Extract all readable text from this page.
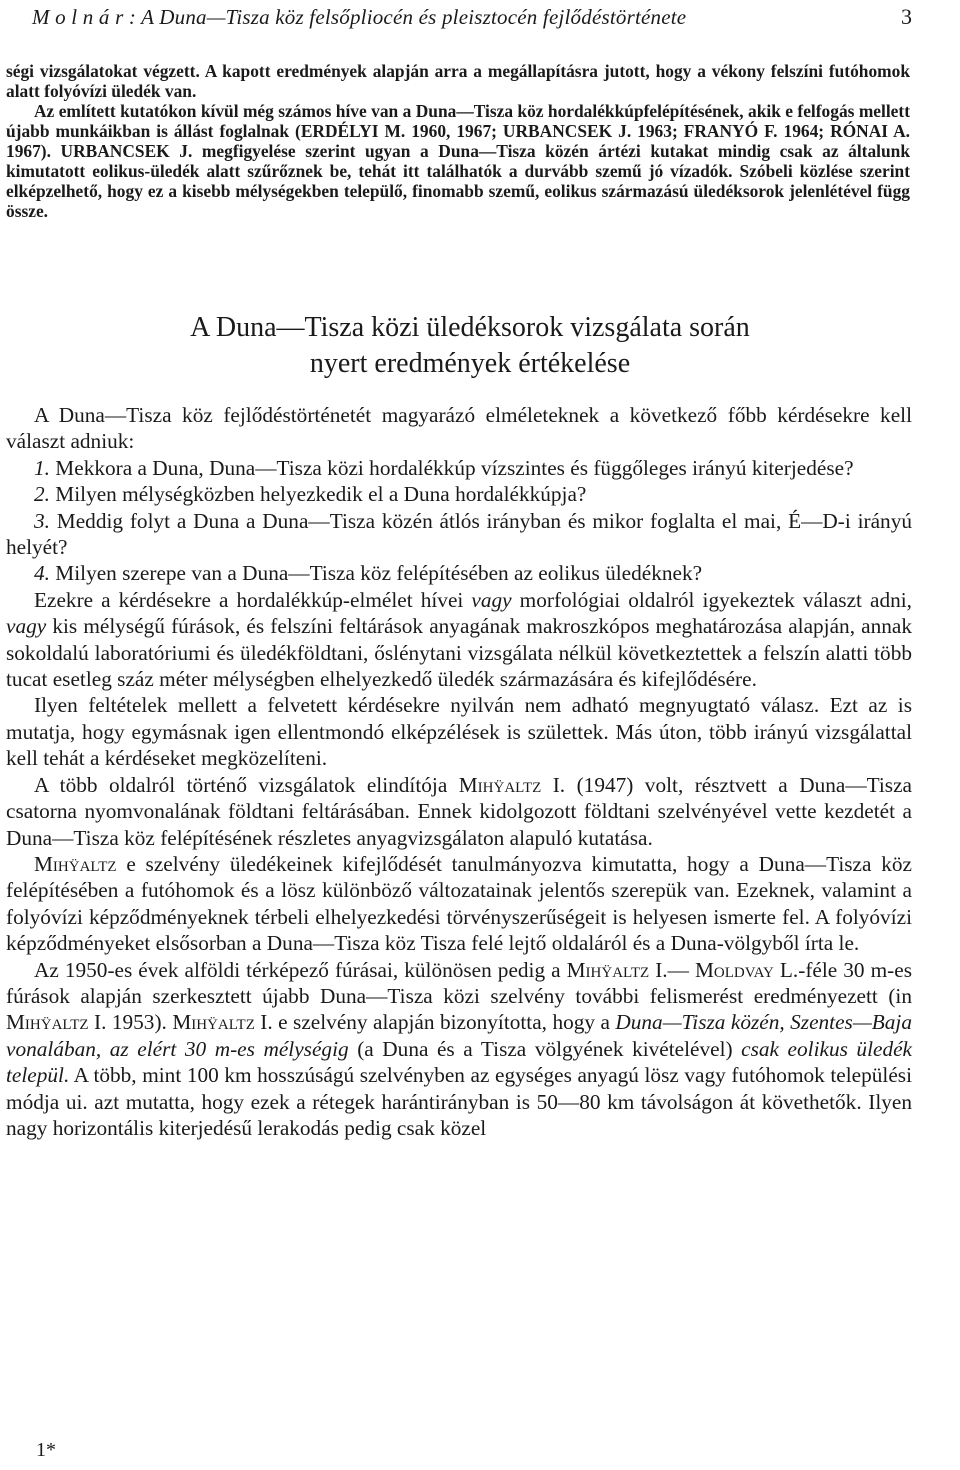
M o l n á r : A Duna—Tisza köz felsőpliocén és pleisztocén fejlődéstörténete	3

ségi vizsgálatokat végzett. A kapott eredmények alapján arra a megállapításra jutott, hogy a vékony felszíni futóhomok alatt folyóvízi üledék van.

Az említett kutatókon kívül még számos híve van a Duna—Tisza köz hordalékkúpfelépítésének, akik e felfogás mellett újabb munkáikban is állást foglalnak (ERDÉLYI M. 1960, 1967; URBANCSEK J. 1963; FRANYÓ F. 1964; RÓNAI A. 1967). URBANCSEK J. megfigyelése szerint ugyan a Duna—Tisza közén ártézi kutakat mindig csak az általunk kimutatott eolikus-üledék alatt szűrőznek be, tehát itt találhatók a durvább szemű jó vízadók. Szóbeli közlése szerint elképzelhető, hogy ez a kisebb mélységekben települő, finomabb szemű, eolikus származású üledéksorok jelenlétével függ össze.

A Duna—Tisza közi üledéksorok vizsgálata során
nyert eredmények értékelése

A Duna—Tisza köz fejlődéstörténetét magyarázó elméleteknek a következő főbb kérdésekre kell választ adniuk:

1. Mekkora a Duna, Duna—Tisza közi hordalékkúp vízszintes és függőleges irányú kiterjedése?

2. Milyen mélységközben helyezkedik el a Duna hordalékkúpja?

3. Meddig folyt a Duna a Duna—Tisza közén átlós irányban és mikor foglalta el mai, É—D-i irányú helyét?

4. Milyen szerepe van a Duna—Tisza köz felépítésében az eolikus üledéknek?

Ezekre a kérdésekre a hordalékkúp-elmélet hívei vagy morfológiai oldalról igyekeztek választ adni, vagy kis mélységű fúrások, és felszíni feltárások anyagának makroszkópos meghatározása alapján, annak sokoldalú laboratóriumi és üledékföldtani, őslénytani vizsgálata nélkül következtettek a felszín alatti több tucat esetleg száz méter mélységben elhelyezkedő üledék származására és kifejlődésére.

Ilyen feltételek mellett a felvetett kérdésekre nyilván nem adható megnyugtató válasz. Ezt az is mutatja, hogy egymásnak igen ellentmondó elképzélések is születtek. Más úton, több irányú vizsgálattal kell tehát a kérdéseket megközelíteni.

A több oldalról történő vizsgálatok elindítója Mihÿaltz I. (1947) volt, résztvett a Duna—Tisza csatorna nyomvonalának földtani feltárásában. Ennek kidolgozott földtani szelvényével vette kezdetét a Duna—Tisza köz felépítésének részletes anyagvizsgálaton alapuló kutatása.

Mihÿaltz e szelvény üledékeinek kifejlődését tanulmányozva kimutatta, hogy a Duna—Tisza köz felépítésében a futóhomok és a lösz különböző változatainak jelentős szerepük van. Ezeknek, valamint a folyóvízi képződményeknek térbeli elhelyezkedési törvényszerűségeit is helyesen ismerte fel. A folyóvízi képződményeket elsősorban a Duna—Tisza köz Tisza felé lejtő oldaláról és a Duna-völgyből írta le.

Az 1950-es évek alföldi térképező fúrásai, különösen pedig a Mihÿaltz I.— Moldvay L.-féle 30 m-es fúrások alapján szerkesztett újabb Duna—Tisza közi szelvény további felismerést eredményezett (in Mihÿaltz I. 1953). Mihÿaltz I. e szelvény alapján bizonyította, hogy a Duna—Tisza közén, Szentes—Baja vonalában, az elért 30 m-es mélységig (a Duna és a Tisza völgyének kivételével) csak eolikus üledék települ. A több, mint 100 km hosszúságú szelvényben az egységes anyagú lösz vagy futóhomok települési módja ui. azt mutatta, hogy ezek a rétegek harántirányban is 50—80 km távolságon át követhetők. Ilyen nagy horizontális kiterjedésű lerakodás pedig csak közel

1*
